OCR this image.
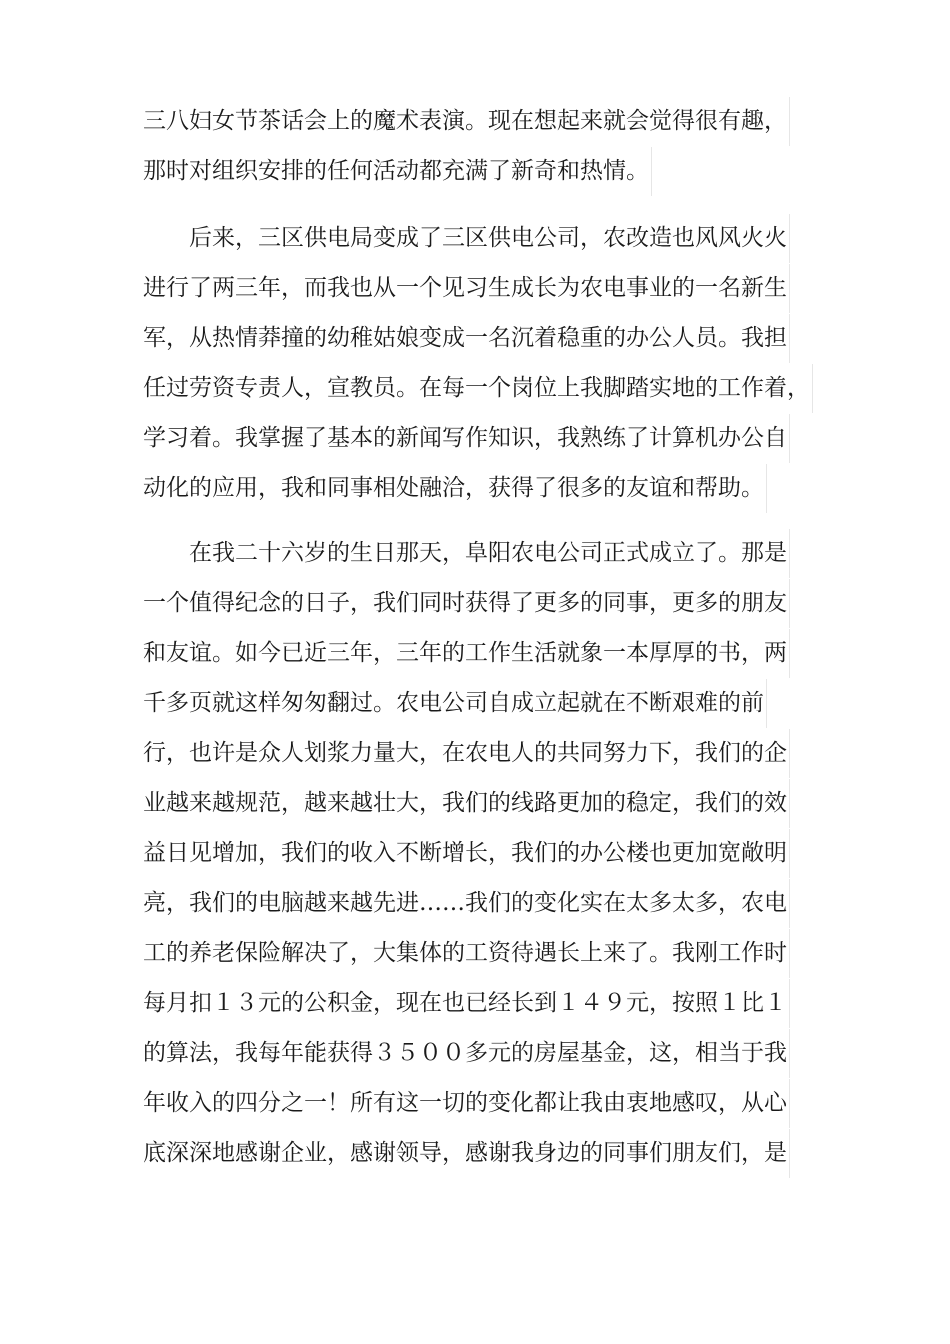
三八妇女节茶话会上的魔术表演。现在想起来就会觉得很有趣，
那时对组织安排的任何活动都充满了新奇和热情。
后来，三区供电局变成了三区供电公司，农改造也风风火火
进行了两三年，而我也从一个见习生成长为农电事业的一名新生
军，从热情莽撞的幼稚姑娘变成一名沉着稳重的办公人员。我担
任过劳资专责人，宣教员。在每一个岗位上我脚踏实地的工作着，
学习着。我掌握了基本的新闻写作知识，我熟练了计算机办公自
动化的应用，我和同事相处融洽，获得了很多的友谊和帮助。
在我二十六岁的生日那天，阜阳农电公司正式成立了。那是
一个值得纪念的日子，我们同时获得了更多的同事，更多的朋友
和友谊。如今已近三年，三年的工作生活就象一本厚厚的书，两
千多页就这样匆匆翻过。农电公司自成立起就在不断艰难的前
行，也许是众人划浆力量大，在农电人的共同努力下，我们的企
业越来越规范，越来越壮大，我们的线路更加的稳定，我们的效
益日见增加，我们的收入不断增长，我们的办公楼也更加宽敞明
亮，我们的电脑越来越先进……我们的变化实在太多太多，农电
工的养老保险解决了，大集体的工资待遇长上来了。我刚工作时
每月扣１３元的公积金，现在也已经长到１４９元，按照１比１
的算法，我每年能获得３５００多元的房屋基金，这，相当于我
年收入的四分之一！所有这一切的变化都让我由衷地感叹，从心
底深深地感谢企业，感谢领导，感谢我身边的同事们朋友们，是
